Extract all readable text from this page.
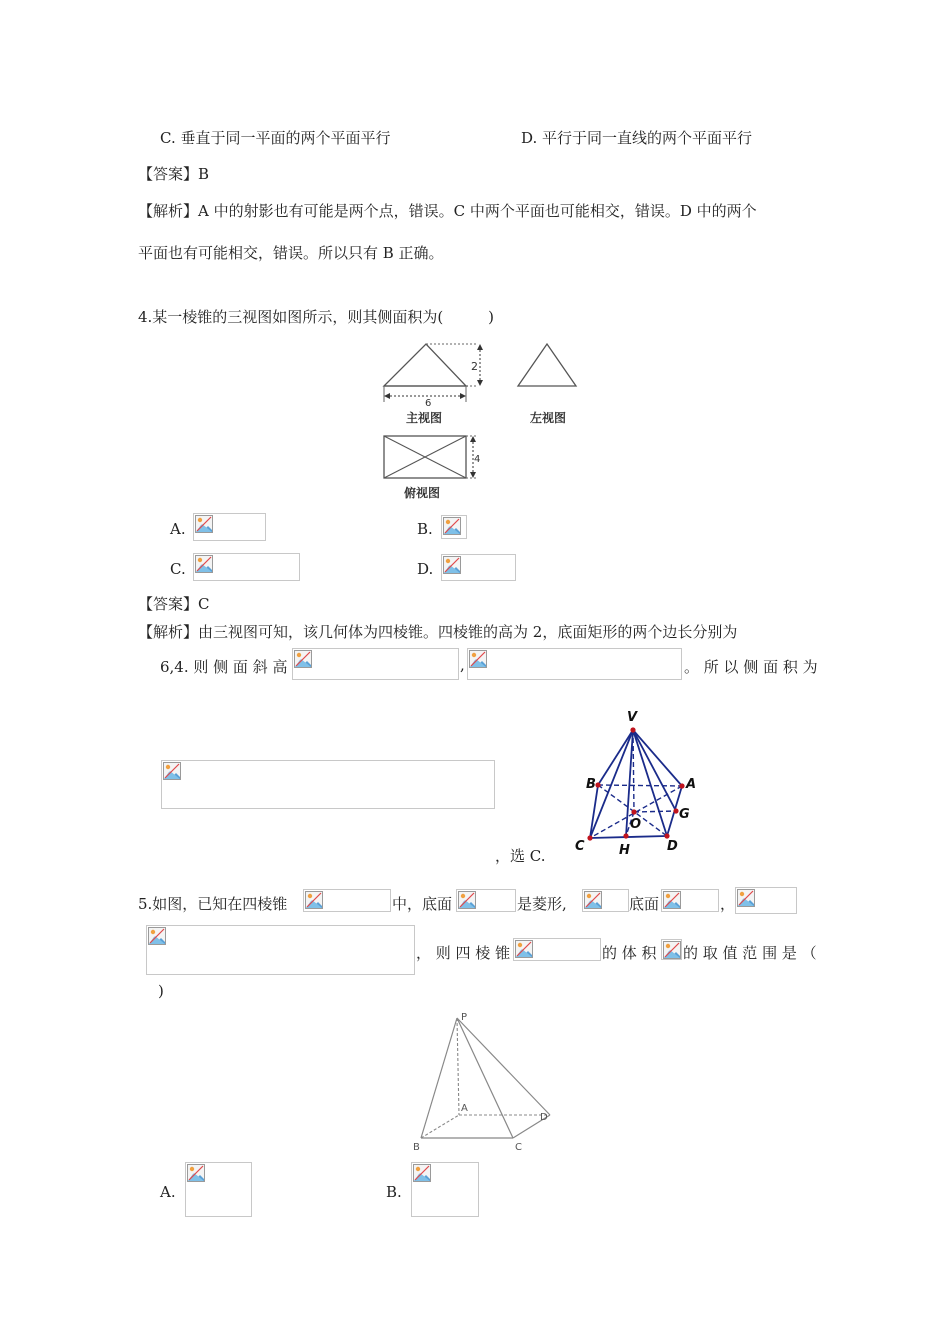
C. 垂直于同一平面的两个平面平行	D. 平行于同一直线的两个平面平行
【答案】B
【解析】A 中的射影也有可能是两个点，错误。C 中两个平面也可能相交，错误。D 中的两个
平面也有可能相交，错误。所以只有 B 正确。
4.某一棱锥的三视图如图所示，则其侧面积为(　　　)
2
6
主视图	左视图
4
俯视图
A.	B.
C.	D.
【答案】C
【解析】由三视图可知，该几何体为四棱锥。四棱锥的高为 2，底面矩形的两个边长分别为
6,4. 则 侧 面 斜 高	,	。 所 以 侧 面 积 为
V
A
B
C	D
G
H
O
，选 C.
5.如图，已知在四棱锥	中，底面	是菱形,	底面	，
， 则 四 棱 锥	的 体 积 的 取 值 范 围 是 （
)
P
A
B	C
D
A.	B.
